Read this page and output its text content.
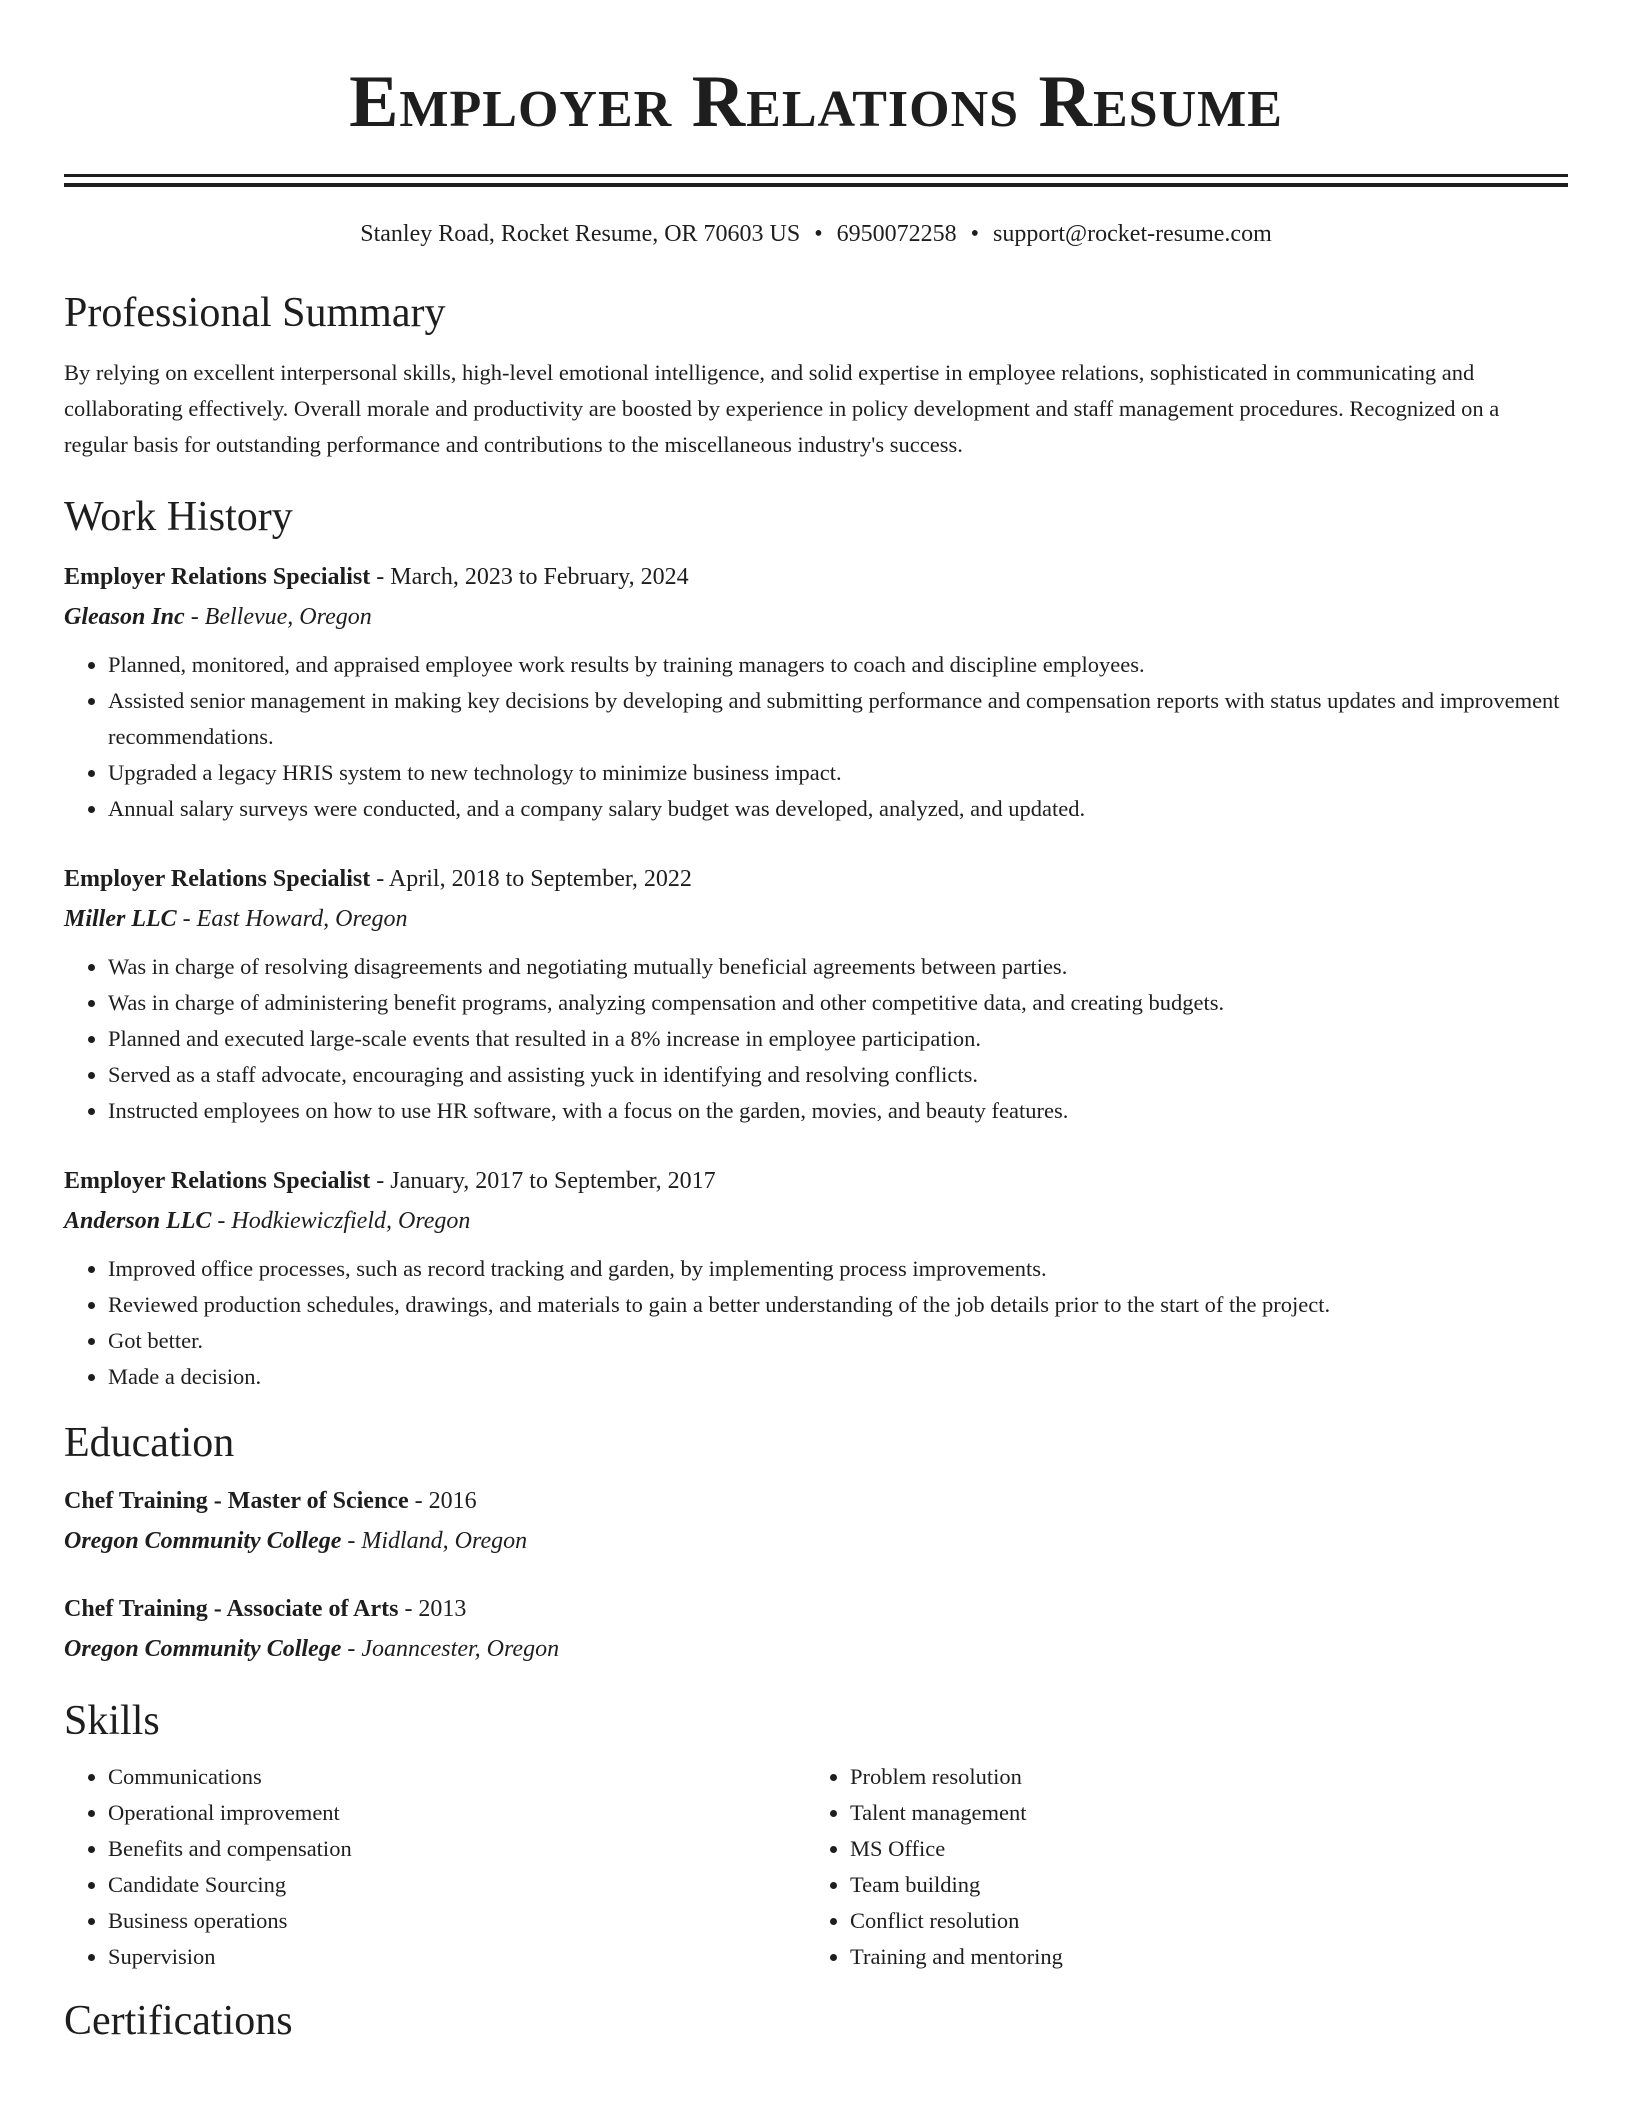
Employer Relations Resume
Stanley Road, Rocket Resume, OR 70603 US • 6950072258 • support@rocket-resume.com
Professional Summary

By relying on excellent interpersonal skills, high-level emotional intelligence, and solid expertise in employee relations, sophisticated in communicating and collaborating effectively. Overall morale and productivity are boosted by experience in policy development and staff management procedures. Recognized on a regular basis for outstanding performance and contributions to the miscellaneous industry's success.

Work History
Employer Relations Specialist - March, 2023 to February, 2024
Gleason Inc - Bellevue, Oregon
• Planned, monitored, and appraised employee work results by training managers to coach and discipline employees.
• Assisted senior management in making key decisions by developing and submitting performance and compensation reports with status updates and improvement recommendations.
• Upgraded a legacy HRIS system to new technology to minimize business impact.
• Annual salary surveys were conducted, and a company salary budget was developed, analyzed, and updated.
Employer Relations Specialist - April, 2018 to September, 2022
Miller LLC - East Howard, Oregon
• Was in charge of resolving disagreements and negotiating mutually beneficial agreements between parties.
• Was in charge of administering benefit programs, analyzing compensation and other competitive data, and creating budgets.
• Planned and executed large-scale events that resulted in a 8% increase in employee participation.
• Served as a staff advocate, encouraging and assisting yuck in identifying and resolving conflicts.
• Instructed employees on how to use HR software, with a focus on the garden, movies, and beauty features.
Employer Relations Specialist - January, 2017 to September, 2017
Anderson LLC - Hodkiewiczfield, Oregon
• Improved office processes, such as record tracking and garden, by implementing process improvements.
• Reviewed production schedules, drawings, and materials to gain a better understanding of the job details prior to the start of the project.
• Got better.
• Made a decision.
Education
Chef Training - Master of Science - 2016
Oregon Community College - Midland, Oregon
Chef Training - Associate of Arts - 2013
Oregon Community College - Joanncester, Oregon
Skills
• Communications
• Operational improvement
• Benefits and compensation
• Candidate Sourcing
• Business operations
• Supervision
• Problem resolution
• Talent management
• MS Office
• Team building
• Conflict resolution
• Training and mentoring
Certifications
